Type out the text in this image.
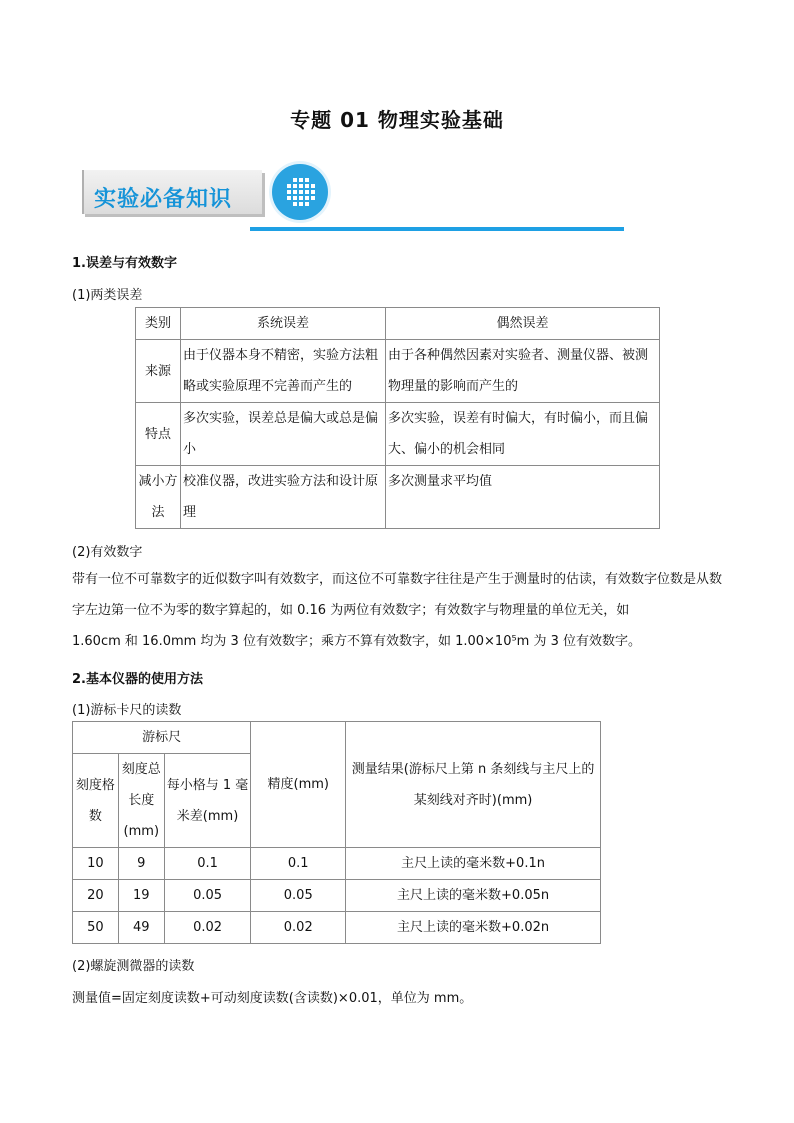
专题 01 物理实验基础
实验必备知识
1.误差与有效数字
(1)两类误差
类别	系统误差	偶然误差
来源	由于仪器本身不精密，实验方法粗略或实验原理不完善而产生的	由于各种偶然因素对实验者、测量仪器、被测物理量的影响而产生的
特点	多次实验，误差总是偏大或总是偏小	多次实验，误差有时偏大，有时偏小，而且偏大、偏小的机会相同
减小方法	校准仪器，改进实验方法和设计原理	多次测量求平均值
(2)有效数字
带有一位不可靠数字的近似数字叫有效数字，而这位不可靠数字往往是产生于测量时的估读，有效数字位数是从数字左边第一位不为零的数字算起的，如 0.16 为两位有效数字；有效数字与物理量的单位无关，如
1.60cm 和 16.0mm 均为 3 位有效数字；乘方不算有效数字，如 1.00×10⁵m 为 3 位有效数字。
2.基本仪器的使用方法
(1)游标卡尺的读数
游标尺			精度(mm)	测量结果(游标尺上第 n 条刻线与主尺上的某刻线对齐时)(mm)
刻度格数	刻度总长度(mm)	每小格与 1 毫米差(mm)		
10	9	0.1	0.1	主尺上读的毫米数+0.1n
20	19	0.05	0.05	主尺上读的毫米数+0.05n
50	49	0.02	0.02	主尺上读的毫米数+0.02n
(2)螺旋测微器的读数
测量值=固定刻度读数+可动刻度读数(含读数)×0.01，单位为 mm。
